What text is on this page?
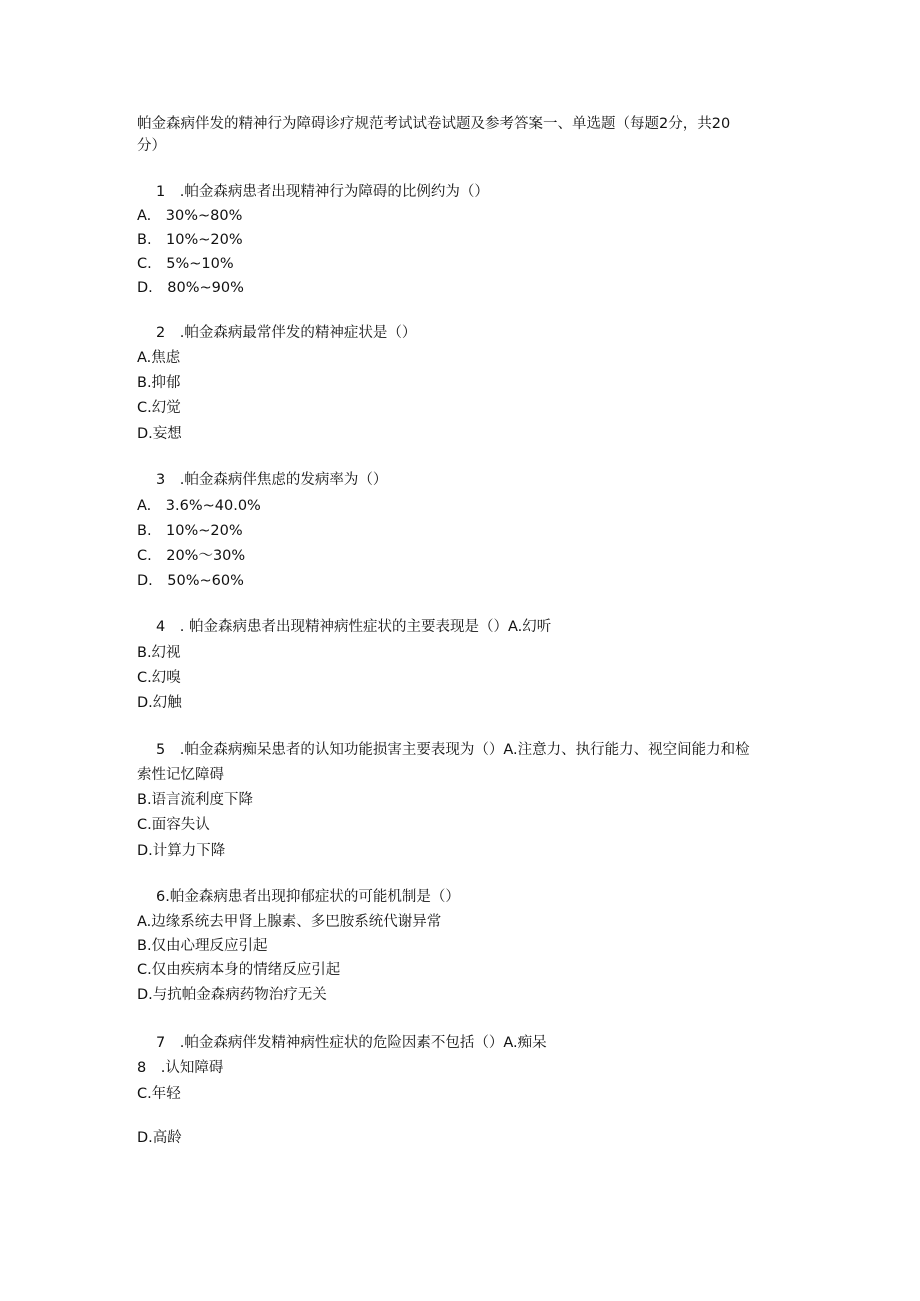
帕金森病伴发的精神行为障碍诊疗规范考试试卷试题及参考答案一、单选题（每题2分，共20
分）
1　.帕金森病患者出现精神行为障碍的比例约为（）
A.　30%~80%
B.　10%~20%
C.　5%~10%
D.　80%~90%
2　.帕金森病最常伴发的精神症状是（）
A.焦虑
B.抑郁
C.幻觉
D.妄想
3　.帕金森病伴焦虑的发病率为（）
A.　3.6%~40.0%
B.　10%~20%
C.　20%～30%
D.　50%~60%
4　. 帕金森病患者出现精神病性症状的主要表现是（）A.幻听
B.幻视
C.幻嗅
D.幻触
5　.帕金森病痴呆患者的认知功能损害主要表现为（）A.注意力、执行能力、视空间能力和检
索性记忆障碍
B.语言流利度下降
C.面容失认
D.计算力下降
6.帕金森病患者出现抑郁症状的可能机制是（）
A.边缘系统去甲肾上腺素、多巴胺系统代谢异常
B.仅由心理反应引起
C.仅由疾病本身的情绪反应引起
D.与抗帕金森病药物治疗无关
7　.帕金森病伴发精神病性症状的危险因素不包括（）A.痴呆
8　.认知障碍
C.年轻
D.高龄
